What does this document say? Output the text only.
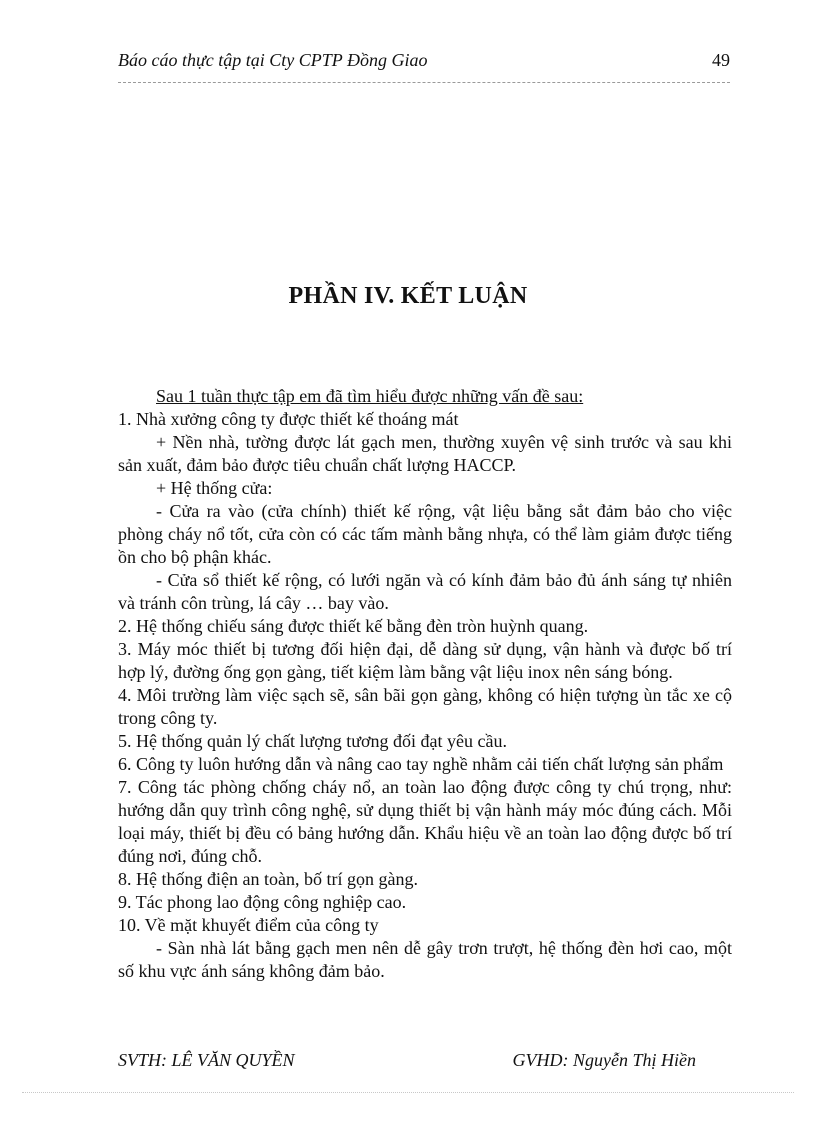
Báo cáo thực tập tại Cty CPTP Đồng Giao	49
PHẦN IV. KẾT LUẬN

Sau 1 tuần thực tập em đã tìm hiểu được những vấn đề sau:

1. Nhà xưởng công ty được thiết kế thoáng mát

+ Nền nhà, tường được lát gạch men, thường xuyên vệ sinh trước và sau khi sản xuất, đảm bảo được tiêu chuẩn chất lượng HACCP.

+ Hệ thống cửa:

- Cửa ra vào (cửa chính) thiết kế rộng, vật liệu bằng sắt đảm bảo cho việc phòng cháy nổ tốt, cửa còn có các tấm mành bằng nhựa, có thể làm giảm được tiếng ồn cho bộ phận khác.

- Cửa sổ thiết kế rộng, có lưới ngăn và có kính đảm bảo đủ ánh sáng tự nhiên và tránh côn trùng, lá cây … bay vào.

2. Hệ thống chiếu sáng được thiết kế bằng đèn tròn huỳnh quang.

3. Máy móc thiết bị tương đối hiện đại, dễ dàng sử dụng, vận hành và được bố trí hợp lý, đường ống gọn gàng, tiết kiệm làm bằng vật liệu inox nên sáng bóng.

4. Môi trường làm việc sạch sẽ, sân bãi gọn gàng, không có hiện tượng ùn tắc xe cộ trong công ty.

5. Hệ thống quản lý chất lượng tương đối đạt yêu cầu.

6. Công ty luôn hướng dẫn và nâng cao tay nghề nhằm cải tiến chất lượng sản phẩm

7. Công tác phòng chống cháy nổ, an toàn lao động được công ty chú trọng, như: hướng dẫn quy trình công nghệ, sử dụng thiết bị vận hành máy móc đúng cách. Mỗi loại máy, thiết bị đều có bảng hướng dẫn. Khẩu hiệu về an toàn lao động được bố trí đúng nơi, đúng chỗ.

8. Hệ thống điện an toàn, bố trí gọn gàng.

9. Tác phong lao động công nghiệp cao.

10. Về mặt khuyết điểm của công ty

- Sàn nhà lát bằng gạch men nên dễ gây trơn trượt, hệ thống đèn hơi cao, một số khu vực ánh sáng không đảm bảo.

SVTH: LÊ VĂN QUYỀN	GVHD: Nguyễn Thị Hiền
